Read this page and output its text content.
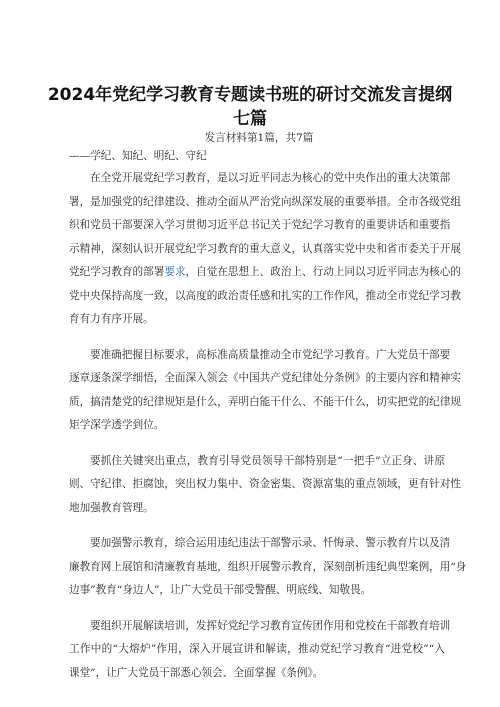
2024年党纪学习教育专题读书班的研讨交流发言提纲
七篇

发言材料第1篇，共7篇

——学纪、知纪、明纪、守纪

在全党开展党纪学习教育，是以习近平同志为核心的党中央作出的重大决策部
署，是加强党的纪律建设、推动全面从严治党向纵深发展的重要举措。全市各级党组
织和党员干部要深入学习贯彻习近平总书记关于党纪学习教育的重要讲话和重要指
示精神，深刻认识开展党纪学习教育的重大意义，认真落实党中央和省市委关于开展
党纪学习教育的部署要求，自觉在思想上、政治上、行动上同以习近平同志为核心的
党中央保持高度一致，以高度的政治责任感和扎实的工作作风，推动全市党纪学习教
育有力有序开展。

要准确把握目标要求，高标准高质量推动全市党纪学习教育。广大党员干部要
逐章逐条深学细悟，全面深入领会《中国共产党纪律处分条例》的主要内容和精神实
质，搞清楚党的纪律规矩是什么，弄明白能干什么、不能干什么，切实把党的纪律规
矩学深学透学到位。

要抓住关键突出重点，教育引导党员领导干部特别是“一把手”立正身、讲原
则、守纪律、拒腐蚀，突出权力集中、资金密集、资源富集的重点领域，更有针对性
地加强教育管理。

要加强警示教育，综合运用违纪违法干部警示录、忏悔录、警示教育片以及清
廉教育网上展馆和清廉教育基地，组织开展警示教育，深刻剖析违纪典型案例，用“身
边事”教育“身边人”，让广大党员干部受警醒、明底线、知敬畏。

要组织开展解读培训，发挥好党纪学习教育宣传团作用和党校在干部教育培训
工作中的“大熔炉”作用，深入开展宣讲和解读，推动党纪学习教育“进党校”“入
课堂”，让广大党员干部悉心领会、全面掌握《条例》。
